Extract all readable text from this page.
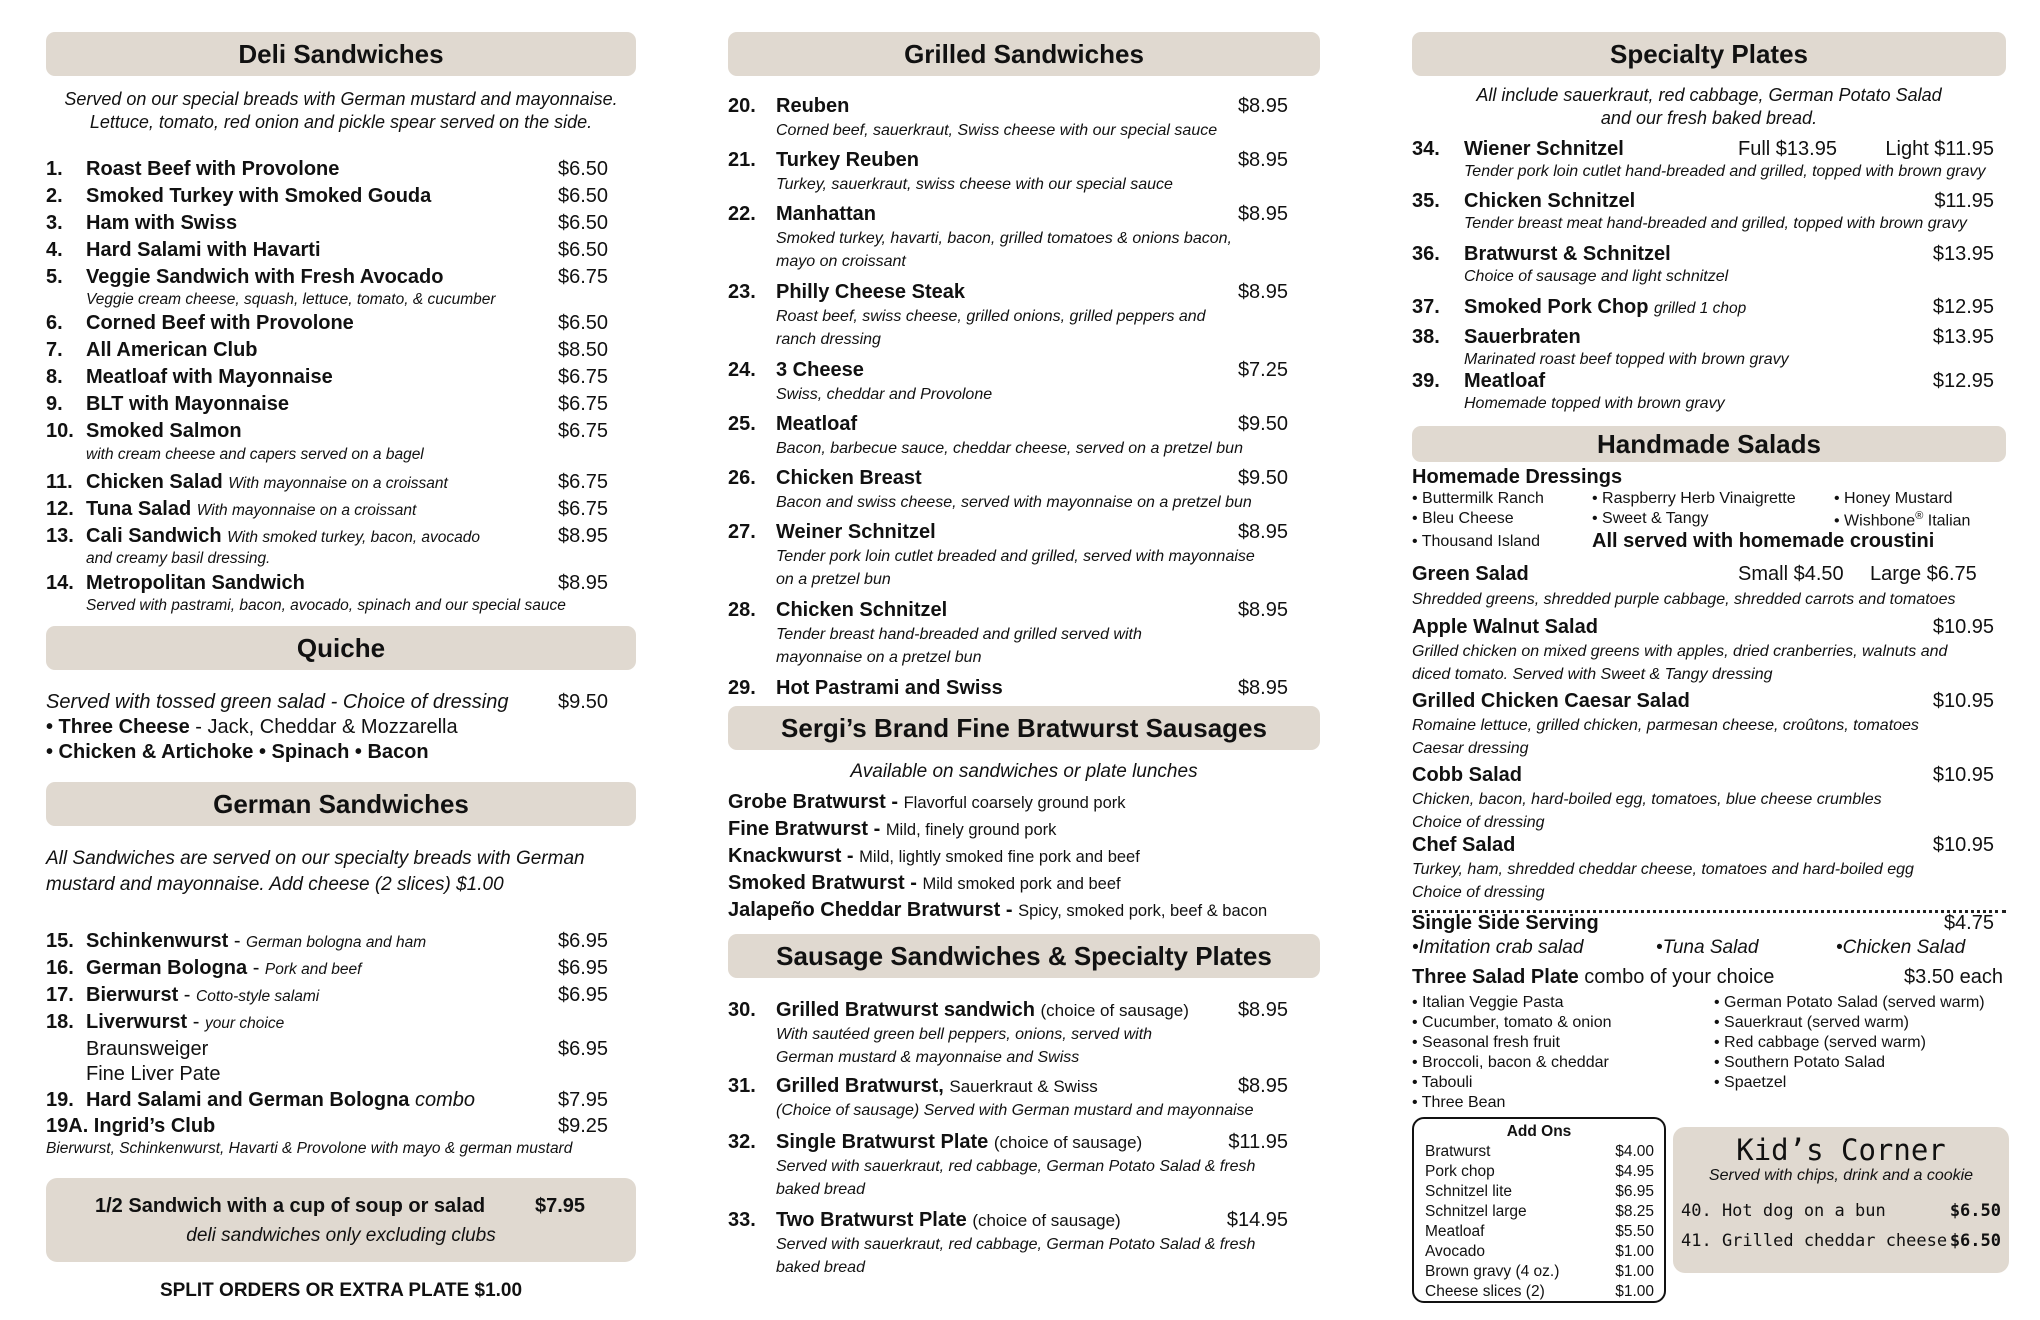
Deli Sandwiches
Served on our special breads with German mustard and mayonnaise.
Lettuce, tomato, red onion and pickle spear served on the side.
1. Roast Beef with Provolone	$6.50
2. Smoked Turkey with Smoked Gouda	$6.50
3. Ham with Swiss	$6.50
4. Hard Salami with Havarti	$6.50
5. Veggie Sandwich with Fresh Avocado	$6.75
Veggie cream cheese, squash, lettuce, tomato, & cucumber
6. Corned Beef with Provolone	$6.50
7. All American Club	$8.50
8. Meatloaf with Mayonnaise	$6.75
9. BLT with Mayonnaise	$6.75
10. Smoked Salmon	$6.75
with cream cheese and capers served on a bagel
11. Chicken Salad With mayonnaise on a croissant	$6.75
12. Tuna Salad With mayonnaise on a croissant	$6.75
13. Cali Sandwich With smoked turkey, bacon, avocado	$8.95
and creamy basil dressing.
14. Metropolitan Sandwich	$8.95
Served with pastrami, bacon, avocado, spinach and our special sauce
Quiche
Served with tossed green salad - Choice of dressing $9.50
• Three Cheese - Jack, Cheddar & Mozzarella
• Chicken & Artichoke • Spinach • Bacon
German Sandwiches
All Sandwiches are served on our specialty breads with German
mustard and mayonnaise. Add cheese (2 slices) $1.00
15. Schinkenwurst - German bologna and ham	$6.95
16. German Bologna - Pork and beef	$6.95
17. Bierwurst - Cotto-style salami	$6.95
18. Liverwurst - your choice
Braunsweiger	$6.95
Fine Liver Pate
19. Hard Salami and German Bologna combo	$7.95
19A. Ingrid’s Club	$9.25
Bierwurst, Schinkenwurst, Havarti & Provolone with mayo & german mustard
1/2 Sandwich with a cup of soup or salad $7.95
deli sandwiches only excluding clubs
SPLIT ORDERS OR EXTRA PLATE $1.00
Grilled Sandwiches
20. Reuben	$8.95
Corned beef, sauerkraut, Swiss cheese with our special sauce
21. Turkey Reuben	$8.95
Turkey, sauerkraut, swiss cheese with our special sauce
22. Manhattan	$8.95
Smoked turkey, havarti, bacon, grilled tomatoes & onions bacon,
mayo on croissant
23. Philly Cheese Steak	$8.95
Roast beef, swiss cheese, grilled onions, grilled peppers and
ranch dressing
24. 3 Cheese	$7.25
Swiss, cheddar and Provolone
25. Meatloaf	$9.50
Bacon, barbecue sauce, cheddar cheese, served on a pretzel bun
26. Chicken Breast	$9.50
Bacon and swiss cheese, served with mayonnaise on a pretzel bun
27. Weiner Schnitzel	$8.95
Tender pork loin cutlet breaded and grilled, served with mayonnaise
on a pretzel bun
28. Chicken Schnitzel	$8.95
Tender breast hand-breaded and grilled served with
mayonnaise on a pretzel bun
29. Hot Pastrami and Swiss	$8.95
Sergi’s Brand Fine Bratwurst Sausages
Available on sandwiches or plate lunches
Grobe Bratwurst - Flavorful coarsely ground pork
Fine Bratwurst - Mild, finely ground pork
Knackwurst - Mild, lightly smoked fine pork and beef
Smoked Bratwurst - Mild smoked pork and beef
Jalapeño Cheddar Bratwurst - Spicy, smoked pork, beef & bacon
Sausage Sandwiches & Specialty Plates
30. Grilled Bratwurst sandwich (choice of sausage) $8.95
With sautéed green bell peppers, onions, served with
German mustard & mayonnaise and Swiss
31. Grilled Bratwurst, Sauerkraut & Swiss	$8.95
(Choice of sausage) Served with German mustard and mayonnaise
32. Single Bratwurst Plate (choice of sausage)	$11.95
Served with sauerkraut, red cabbage, German Potato Salad & fresh
baked bread
33. Two Bratwurst Plate (choice of sausage)	$14.95
Served with sauerkraut, red cabbage, German Potato Salad & fresh
baked bread
Specialty Plates
All include sauerkraut, red cabbage, German Potato Salad
and our fresh baked bread.
34. Wiener Schnitzel	Full $13.95 Light $11.95
Tender pork loin cutlet hand-breaded and grilled, topped with brown gravy
35. Chicken Schnitzel	$11.95
Tender breast meat hand-breaded and grilled, topped with brown gravy
36. Bratwurst & Schnitzel	$13.95
Choice of sausage and light schnitzel
37. Smoked Pork Chop grilled 1 chop	$12.95
38. Sauerbraten	$13.95
Marinated roast beef topped with brown gravy
39. Meatloaf	$12.95
Homemade topped with brown gravy
Handmade Salads
Homemade Dressings
• Buttermilk Ranch	• Raspberry Herb Vinaigrette • Honey Mustard
• Bleu Cheese	• Sweet & Tangy	• Wishbone® Italian
• Thousand Island	All served with homemade croustini
Green Salad	Small $4.50 Large $6.75
Shredded greens, shredded purple cabbage, shredded carrots and tomatoes
Apple Walnut Salad	$10.95
Grilled chicken on mixed greens with apples, dried cranberries, walnuts and
diced tomato. Served with Sweet & Tangy dressing
Grilled Chicken Caesar Salad	$10.95
Romaine lettuce, grilled chicken, parmesan cheese, croûtons, tomatoes
Caesar dressing
Cobb Salad	$10.95
Chicken, bacon, hard-boiled egg, tomatoes, blue cheese crumbles
Choice of dressing
Chef Salad	$10.95
Turkey, ham, shredded cheddar cheese, tomatoes and hard-boiled egg
Choice of dressing
Single Side Serving	$4.75
•Imitation crab salad	•Tuna Salad	•Chicken Salad
Three Salad Plate combo of your choice	$3.50 each
• Italian Veggie Pasta
• Cucumber, tomato & onion
• Seasonal fresh fruit
• Broccoli, bacon & cheddar
• Tabouli
• Three Bean
• German Potato Salad (served warm)
• Sauerkraut (served warm)
• Red cabbage (served warm)
• Southern Potato Salad
• Spaetzel
Add Ons
Bratwurst	$4.00
Pork chop	$4.95
Schnitzel lite	$6.95
Schnitzel large	$8.25
Meatloaf	$5.50
Avocado	$1.00
Brown gravy (4 oz.)	$1.00
Cheese slices (2)	$1.00
Kid’s Corner
Served with chips, drink and a cookie
40. Hot dog on a bun	$6.50
41. Grilled cheddar cheese $6.50
